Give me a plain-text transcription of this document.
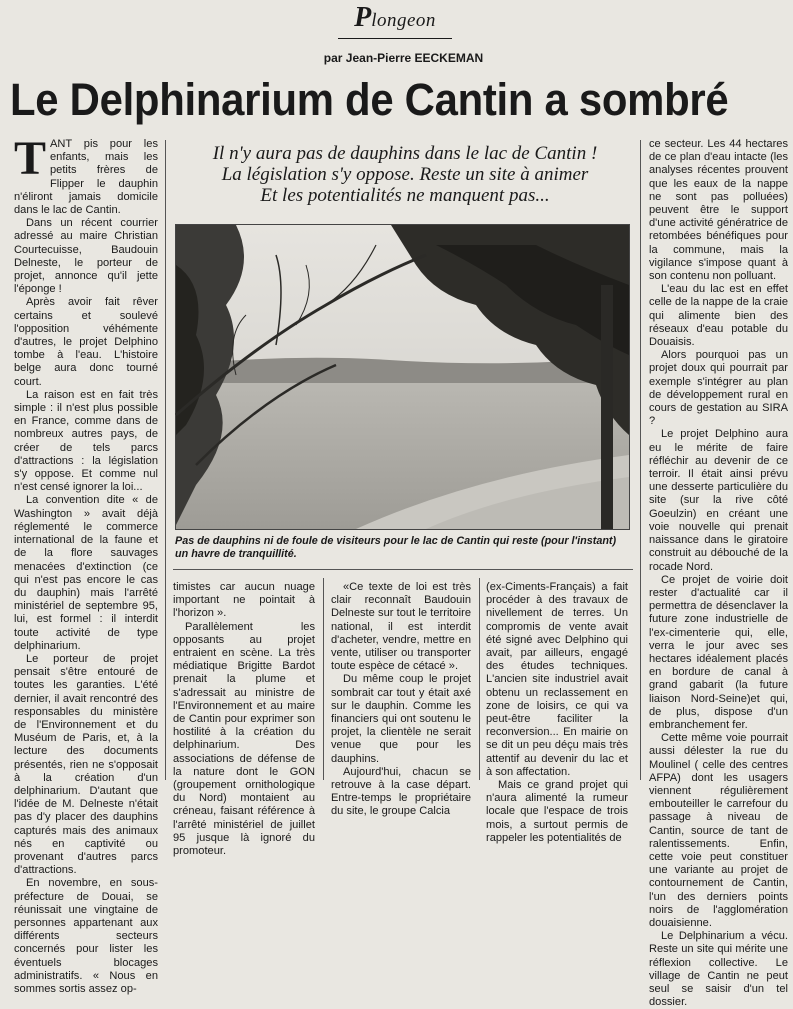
Plongeon
par Jean-Pierre EECKEMAN
Le Delphinarium de Cantin a sombré

TANT pis pour les enfants, mais les petits frères de Flipper le dauphin n'éliront jamais domicile dans le lac de Cantin.

Dans un récent courrier adressé au maire Christian Courtecuisse, Baudouin Delneste, le porteur de projet, annonce qu'il jette l'éponge !

Après avoir fait rêver certains et soulevé l'opposition véhémente d'autres, le projet Delphino tombe à l'eau. L'histoire belge aura donc tourné court.

La raison est en fait très simple : il n'est plus possible en France, comme dans de nombreux autres pays, de créer de tels parcs d'attractions : la législation s'y oppose. Et comme nul n'est censé ignorer la loi...

La convention dite « de Washington » avait déjà réglementé le commerce international de la faune et de la flore sauvages menacées d'extinction (ce qui n'est pas encore le cas du dauphin) mais l'arrêté ministériel de septembre 95, lui, est formel : il interdit toute activité de type delphinarium.

Le porteur de projet pensait s'être entouré de toutes les garanties. L'été dernier, il avait rencontré des responsables du ministère de l'Environnement et du Muséum de Paris, et, à la lecture des documents présentés, rien ne s'opposait à la création d'un delphinarium. D'autant que l'idée de M. Delneste n'était pas d'y placer des dauphins capturés mais des animaux nés en captivité ou provenant d'autres parcs d'attractions.

En novembre, en sous-préfecture de Douai, se réunissait une vingtaine de personnes appartenant aux différents secteurs concernés pour lister les éventuels blocages administratifs. « Nous en sommes sortis assez op-

Il n'y aura pas de dauphins dans le lac de Cantin !
La législation s'y oppose. Reste un site à animer
Et les potentialités ne manquent pas...
Pas de dauphins ni de foule de visiteurs pour le lac de Cantin qui reste (pour l'instant) un havre de tranquillité.

timistes car aucun nuage important ne pointait à l'horizon ».

Parallèlement les opposants au projet entraient en scène. La très médiatique Brigitte Bardot prenait la plume et s'adressait au ministre de l'Environnement et au maire de Cantin pour exprimer son hostilité à la création du delphinarium. Des associations de défense de la nature dont le GON (groupement ornithologique du Nord) montaient au créneau, faisant référence à l'arrêté ministériel de juillet 95 jusque là ignoré du promoteur.

«Ce texte de loi est très clair reconnaît Baudouin Delneste sur tout le territoire national, il est interdit d'acheter, vendre, mettre en vente, utiliser ou transporter toute espèce de cétacé ».

Du même coup le projet sombrait car tout y était axé sur le dauphin. Comme les financiers qui ont soutenu le projet, la clientèle ne serait venue que pour les dauphins.

Aujourd'hui, chacun se retrouve à la case départ. Entre-temps le propriétaire du site, le groupe Calcia

(ex-Ciments-Français) a fait procéder à des travaux de nivellement de terres. Un compromis de vente avait été signé avec Delphino qui avait, par ailleurs, engagé des études techniques. L'ancien site industriel avait obtenu un reclassement en zone de loisirs, ce qui va peut-être faciliter la reconversion... En mairie on se dit un peu déçu mais très attentif au devenir du lac et à son affectation.

Mais ce grand projet qui n'aura alimenté la rumeur locale que l'espace de trois mois, a surtout permis de rappeler les potentialités de

ce secteur. Les 44 hectares de ce plan d'eau intacte (les analyses récentes prouvent que les eaux de la nappe ne sont pas polluées) peuvent être le support d'une activité génératrice de retombées bénéfiques pour la commune, mais la vigilance s'impose quant à son contenu non polluant.

L'eau du lac est en effet celle de la nappe de la craie qui alimente bien des réseaux d'eau potable du Douaisis.

Alors pourquoi pas un projet doux qui pourrait par exemple s'intégrer au plan de développement rural en cours de gestation au SIRA ?

Le projet Delphino aura eu le mérite de faire réfléchir au devenir de ce terroir. Il était ainsi prévu une desserte particulière du site (sur la rive côté Goeulzin) en créant une voie nouvelle qui prenait naissance dans le giratoire construit au débouché de la rocade Nord.

Ce projet de voirie doit rester d'actualité car il permettra de désenclaver la future zone industrielle de l'ex-cimenterie qui, elle, verra le jour avec ses hectares idéalement placés en bordure de canal à grand gabarit (la future liaison Nord-Seine)et qui, de plus, dispose d'un embranchement fer.

Cette même voie pourrait aussi délester la rue du Moulinel ( celle des centres AFPA) dont les usagers viennent régulièrement embouteiller le carrefour du passage à niveau de Cantin, source de tant de ralentissements. Enfin, cette voie peut constituer une variante au projet de contournement de Cantin, l'un des derniers points noirs de l'agglomération douaisienne.

Le Delphinarium a vécu. Reste un site qui mérite une réflexion collective. Le village de Cantin ne peut seul se saisir d'un tel dossier.
